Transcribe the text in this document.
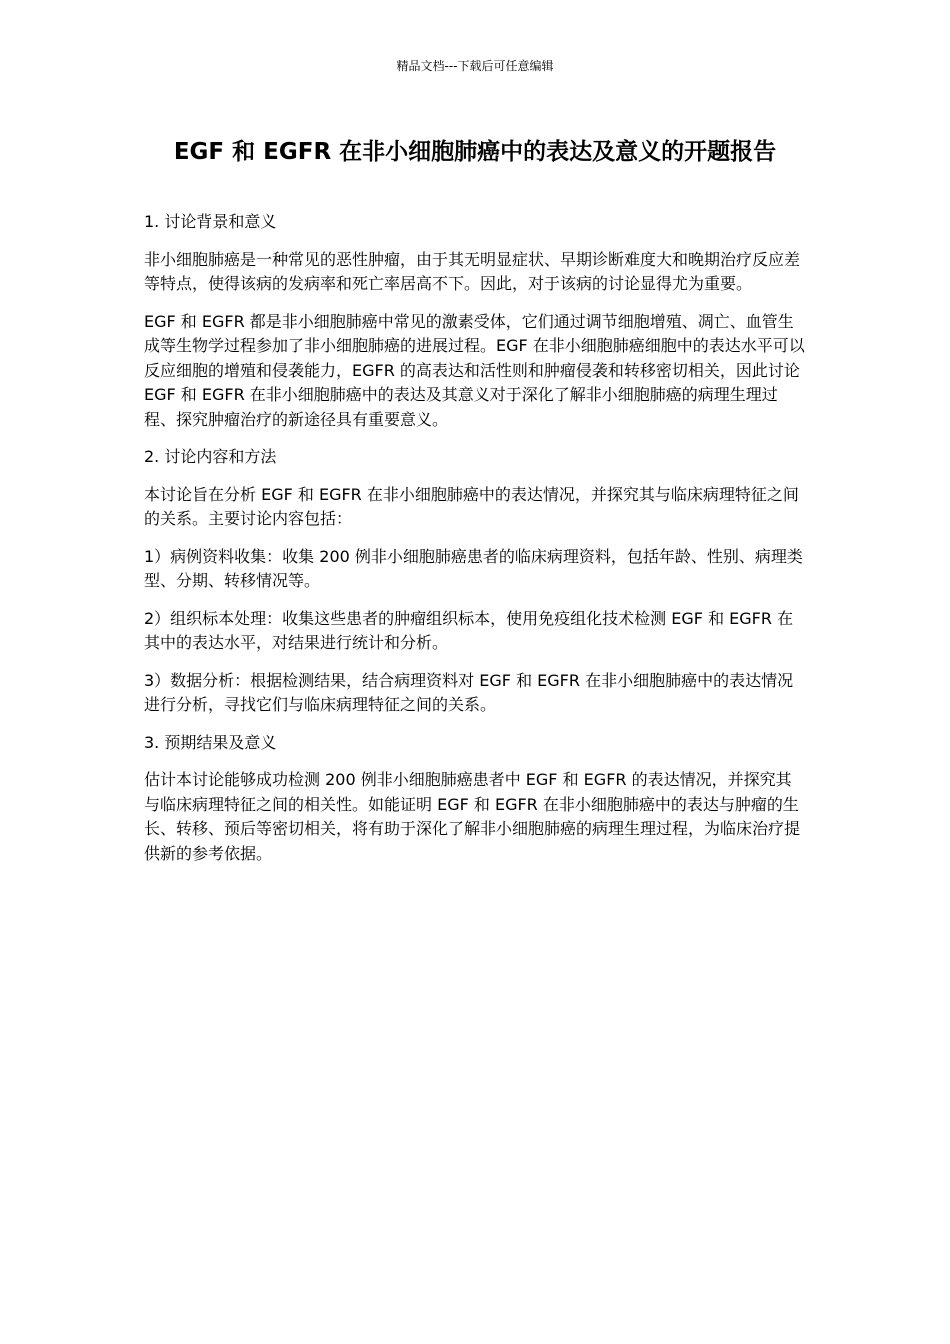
精品文档---下载后可任意编辑
EGF 和 EGFR 在非小细胞肺癌中的表达及意义的开题报告

1. 讨论背景和意义

非小细胞肺癌是一种常见的恶性肿瘤，由于其无明显症状、早期诊断难度大和晚期治疗反应差等特点，使得该病的发病率和死亡率居高不下。因此，对于该病的讨论显得尤为重要。

EGF 和 EGFR 都是非小细胞肺癌中常见的激素受体，它们通过调节细胞增殖、凋亡、血管生成等生物学过程参加了非小细胞肺癌的进展过程。EGF 在非小细胞肺癌细胞中的表达水平可以反应细胞的增殖和侵袭能力，EGFR 的高表达和活性则和肿瘤侵袭和转移密切相关，因此讨论 EGF 和 EGFR 在非小细胞肺癌中的表达及其意义对于深化了解非小细胞肺癌的病理生理过程、探究肿瘤治疗的新途径具有重要意义。

2. 讨论内容和方法

本讨论旨在分析 EGF 和 EGFR 在非小细胞肺癌中的表达情况，并探究其与临床病理特征之间的关系。主要讨论内容包括：

1）病例资料收集：收集 200 例非小细胞肺癌患者的临床病理资料，包括年龄、性别、病理类型、分期、转移情况等。

2）组织标本处理：收集这些患者的肿瘤组织标本，使用免疫组化技术检测 EGF 和 EGFR 在其中的表达水平，对结果进行统计和分析。

3）数据分析：根据检测结果，结合病理资料对 EGF 和 EGFR 在非小细胞肺癌中的表达情况进行分析，寻找它们与临床病理特征之间的关系。

3. 预期结果及意义

估计本讨论能够成功检测 200 例非小细胞肺癌患者中 EGF 和 EGFR 的表达情况，并探究其与临床病理特征之间的相关性。如能证明 EGF 和 EGFR 在非小细胞肺癌中的表达与肿瘤的生长、转移、预后等密切相关，将有助于深化了解非小细胞肺癌的病理生理过程，为临床治疗提供新的参考依据。
